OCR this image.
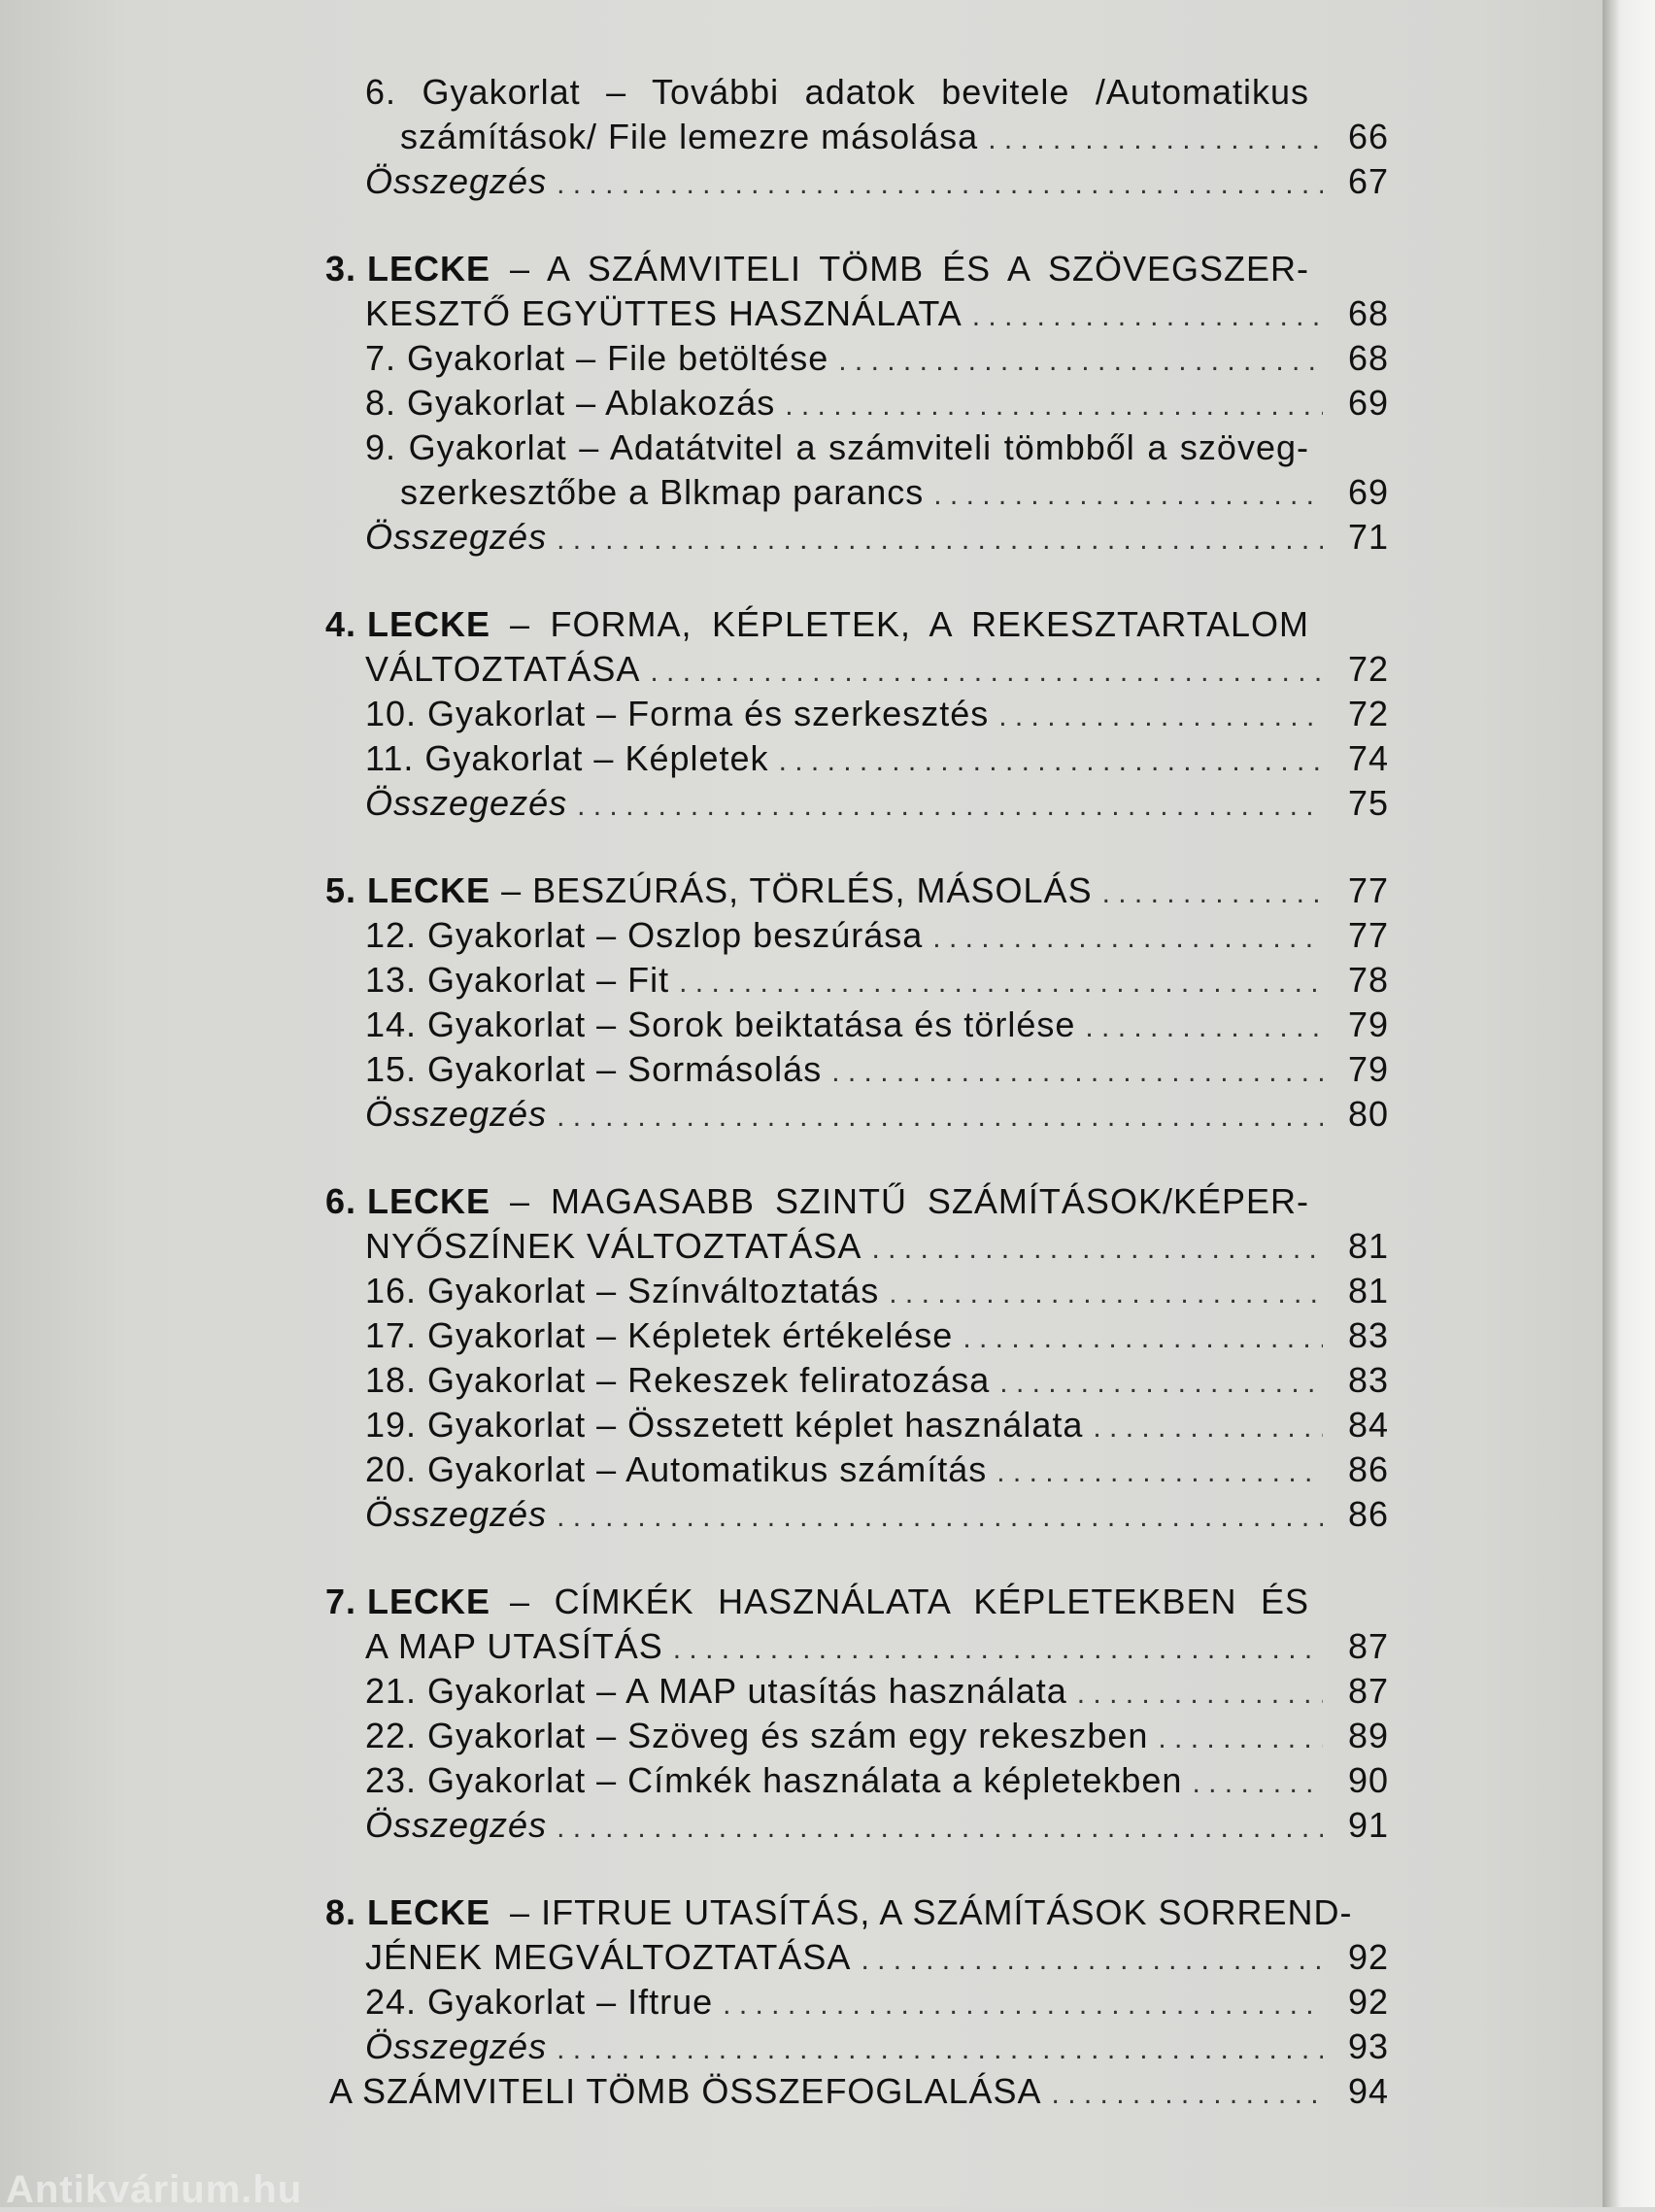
6. Gyakorlat – További adatok bevitele /Automatikus
számítások/ File lemezre másolása . . .	66
Összegzés . . .	67
3. LECKE – A SZÁMVITELI TÖMB ÉS A SZÖVEGSZER-
KESZTŐ EGYÜTTES HASZNÁLATA . . .	68
7. Gyakorlat – File betöltése . . .	68
8. Gyakorlat – Ablakozás . . .	69
9. Gyakorlat – Adatátvitel a számviteli tömbből a szöveg-
szerkesztőbe a Blkmap parancs . . .	69
Összegzés . . .	71
4. LECKE – FORMA, KÉPLETEK, A REKESZTARTALOM
VÁLTOZTATÁSA . . .	72
10. Gyakorlat – Forma és szerkesztés . . .	72
11. Gyakorlat – Képletek . . .	74
Összegezés . . .	75
5. LECKE – BESZÚRÁS, TÖRLÉS, MÁSOLÁS . . .	77
12. Gyakorlat – Oszlop beszúrása . . .	77
13. Gyakorlat – Fit . . .	78
14. Gyakorlat – Sorok beiktatása és törlése . . .	79
15. Gyakorlat – Sormásolás . . .	79
Összegzés . . .	80
6. LECKE – MAGASABB SZINTŰ SZÁMÍTÁSOK/KÉPER-
NYŐSZÍNEK VÁLTOZTATÁSA . . .	81
16. Gyakorlat – Színváltoztatás . . .	81
17. Gyakorlat – Képletek értékelése . . .	83
18. Gyakorlat – Rekeszek feliratozása . . .	83
19. Gyakorlat – Összetett képlet használata . . .	84
20. Gyakorlat – Automatikus számítás . . .	86
Összegzés . . .	86
7. LECKE – CÍMKÉK HASZNÁLATA KÉPLETEKBEN ÉS
A MAP UTASÍTÁS . . .	87
21. Gyakorlat – A MAP utasítás használata . . .	87
22. Gyakorlat – Szöveg és szám egy rekeszben . . .	89
23. Gyakorlat – Címkék használata a képletekben . . .	90
Összegzés . . .	91
8. LECKE – IFTRUE UTASÍTÁS, A SZÁMÍTÁSOK SORREND-
JÉNEK MEGVÁLTOZTATÁSA . . .	92
24. Gyakorlat – Iftrue . . .	92
Összegzés . . .	93
A SZÁMVITELI TÖMB ÖSSZEFOGLALÁSA . . .	94
Antikvárium.hu
